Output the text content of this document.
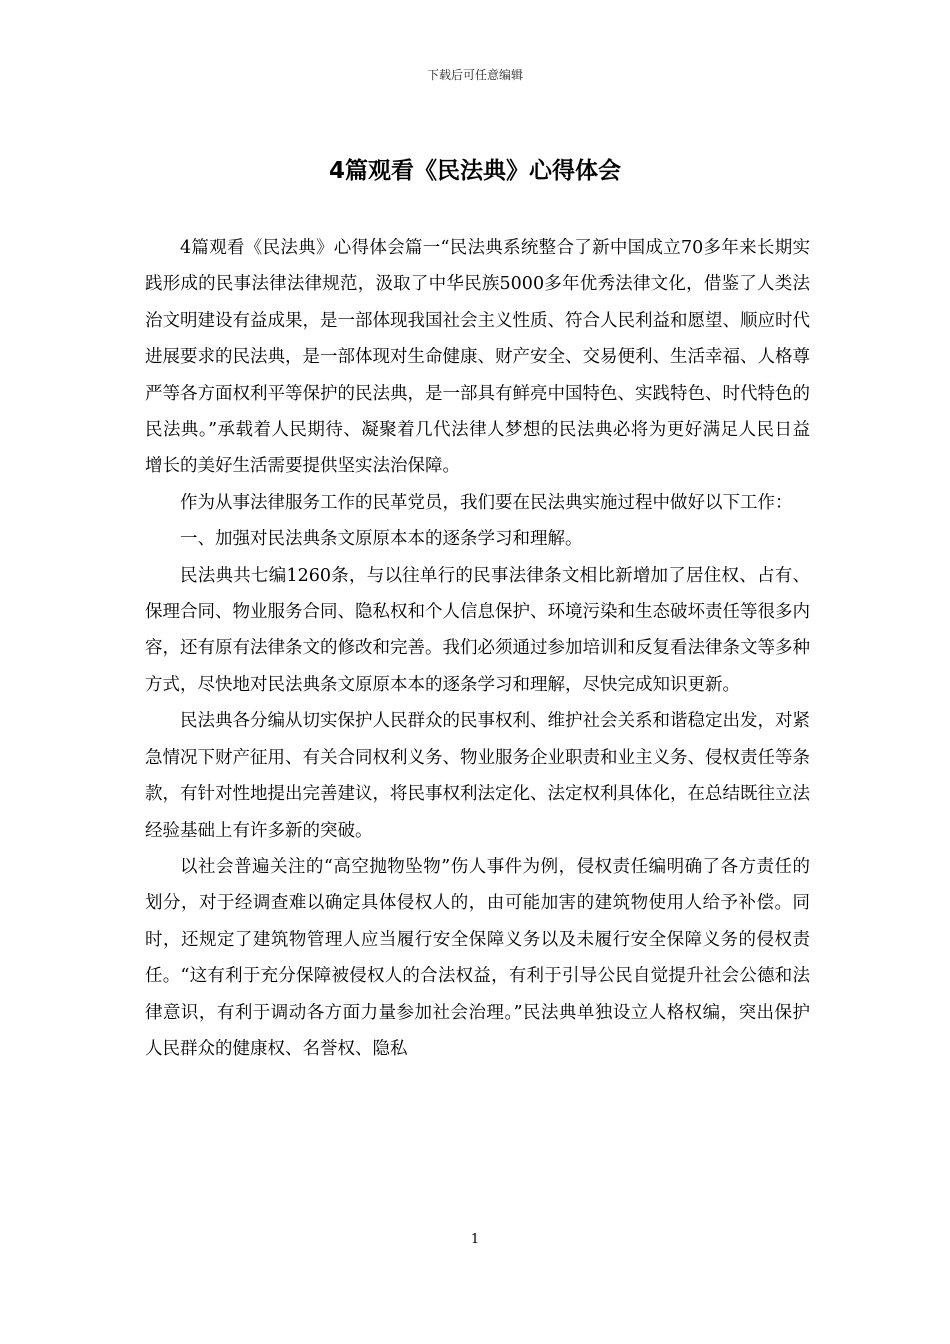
下载后可任意编辑
4篇观看《民法典》心得体会

4篇观看《民法典》心得体会篇一“民法典系统整合了新中国成立70多年来长期实践形成的民事法律法律规范，汲取了中华民族5000多年优秀法律文化，借鉴了人类法治文明建设有益成果，是一部体现我国社会主义性质、符合人民利益和愿望、顺应时代进展要求的民法典，是一部体现对生命健康、财产安全、交易便利、生活幸福、人格尊严等各方面权利平等保护的民法典，是一部具有鲜亮中国特色、实践特色、时代特色的民法典。”承载着人民期待、凝聚着几代法律人梦想的民法典必将为更好满足人民日益增长的美好生活需要提供坚实法治保障。

作为从事法律服务工作的民革党员，我们要在民法典实施过程中做好以下工作：

一、加强对民法典条文原原本本的逐条学习和理解。

民法典共七编1260条，与以往单行的民事法律条文相比新增加了居住权、占有、保理合同、物业服务合同、隐私权和个人信息保护、环境污染和生态破坏责任等很多内容，还有原有法律条文的修改和完善。我们必须通过参加培训和反复看法律条文等多种方式，尽快地对民法典条文原原本本的逐条学习和理解，尽快完成知识更新。

民法典各分编从切实保护人民群众的民事权利、维护社会关系和谐稳定出发，对紧急情况下财产征用、有关合同权利义务、物业服务企业职责和业主义务、侵权责任等条款，有针对性地提出完善建议，将民事权利法定化、法定权利具体化，在总结既往立法经验基础上有许多新的突破。

以社会普遍关注的“高空抛物坠物”伤人事件为例，侵权责任编明确了各方责任的划分，对于经调查难以确定具体侵权人的，由可能加害的建筑物使用人给予补偿。同时，还规定了建筑物管理人应当履行安全保障义务以及未履行安全保障义务的侵权责任。“这有利于充分保障被侵权人的合法权益，有利于引导公民自觉提升社会公德和法律意识，有利于调动各方面力量参加社会治理。”民法典单独设立人格权编，突出保护人民群众的健康权、名誉权、隐私

1
